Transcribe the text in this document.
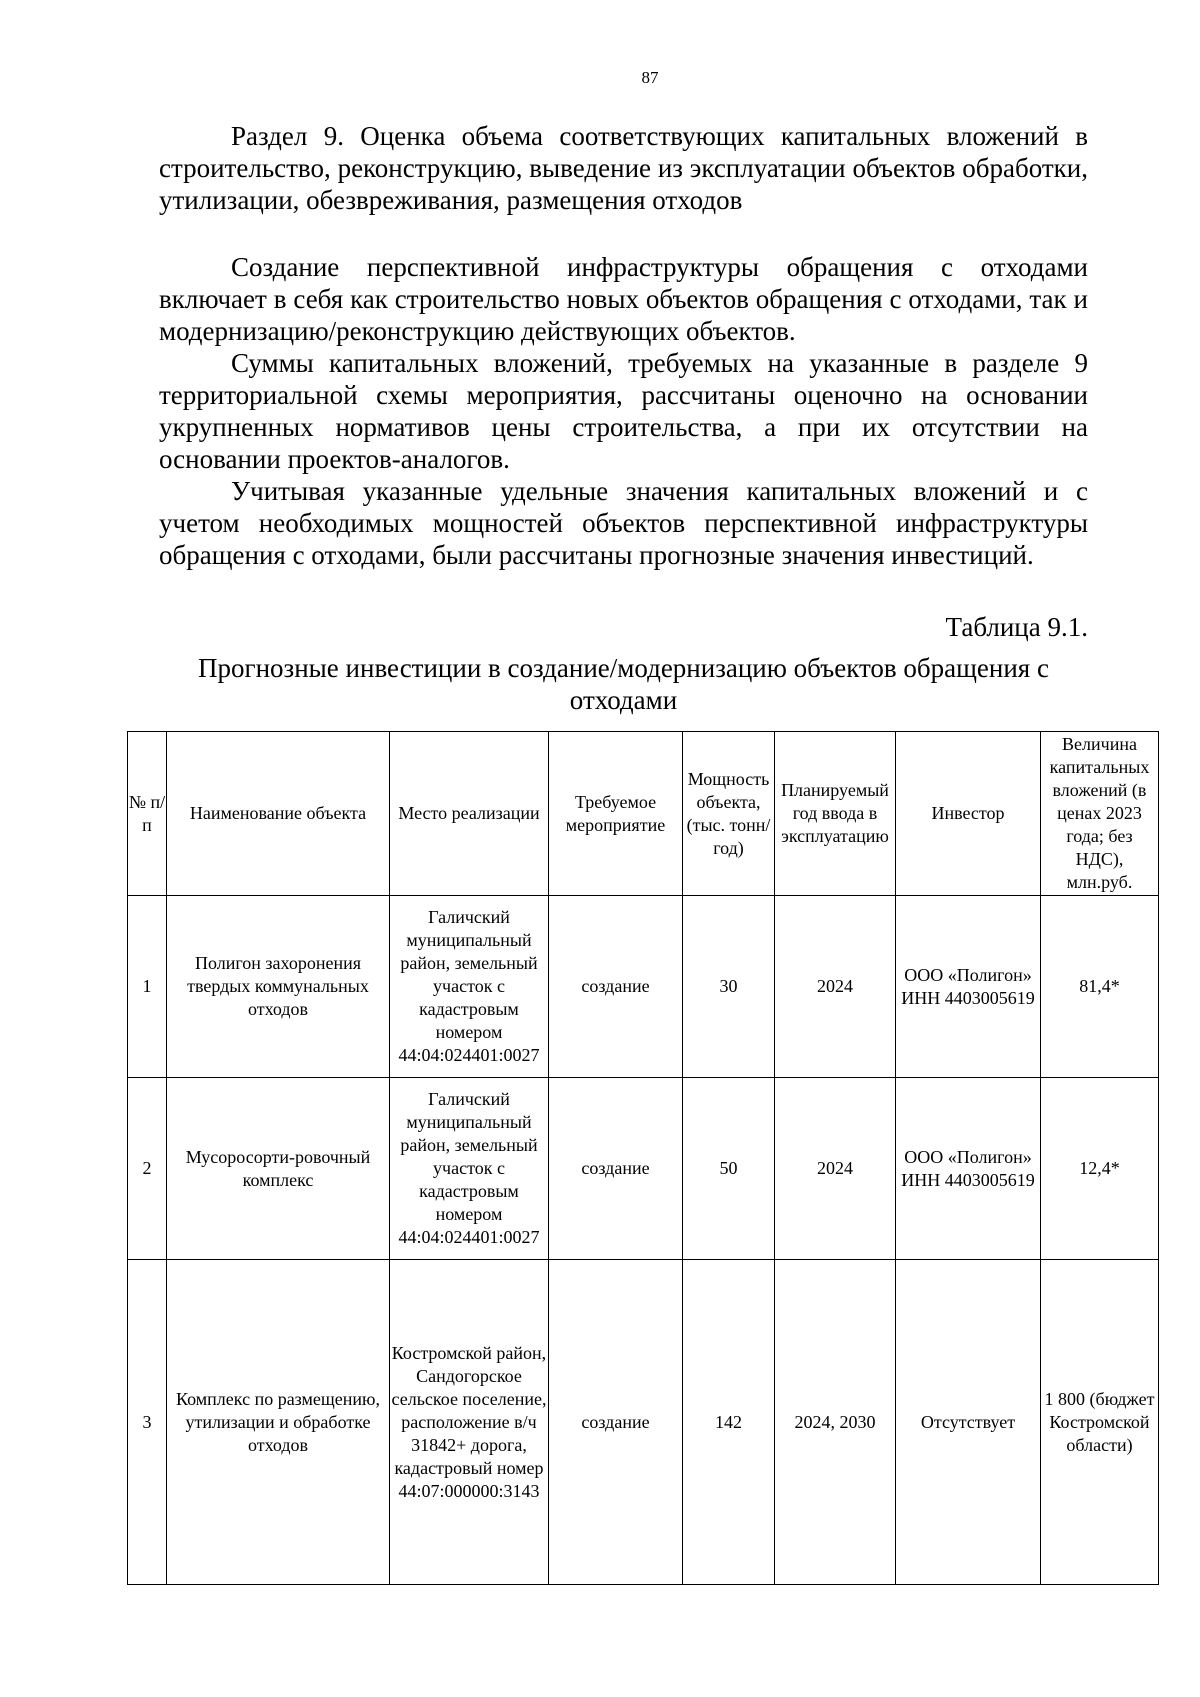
87
Раздел 9. Оценка объема соответствующих капитальных вложений в строительство, реконструкцию, выведение из эксплуатации объектов обработки, утилизации, обезвреживания, размещения отходов

Создание перспективной инфраструктуры обращения с отходами включает в себя как строительство новых объектов обращения с отходами, так и модернизацию/реконструкцию действующих объектов.

Суммы капитальных вложений, требуемых на указанные в разделе 9 территориальной схемы мероприятия, рассчитаны оценочно на основании укрупненных нормативов цены строительства, а при их отсутствии на основании проектов-аналогов.

Учитывая указанные удельные значения капитальных вложений и с учетом необходимых мощностей объектов перспективной инфраструктуры обращения с отходами, были рассчитаны прогнозные значения инвестиций.

Таблица 9.1.
Прогнозные инвестиции в создание/модернизацию объектов обращения с отходами
№ п/п	Наименование объекта	Место реализации	Требуемое мероприятие	Мощность объекта, (тыс. тонн/год)	Планируемый год ввода в эксплуатацию	Инвестор	Величина капитальных вложений (в ценах 2023 года; без НДС), млн.руб.
1	Полигон захоронения твердых коммунальных отходов	Галичский муниципальный район, земельный участок с кадастровым номером 44:04:024401:0027	создание	30	2024	ООО «Полигон» ИНН 4403005619	81,4*
2	Мусоросорти-ровочный комплекс	Галичский муниципальный район, земельный участок с кадастровым номером 44:04:024401:0027	создание	50	2024	ООО «Полигон» ИНН 4403005619	12,4*
3	Комплекс по размещению, утилизации и обработке отходов	Костромской район, Сандогорское сельское поселение, расположение в/ч 31842+ дорога, кадастровый номер 44:07:000000:3143	создание	142	2024, 2030	Отсутствует	1 800 (бюджет Костромской области)
